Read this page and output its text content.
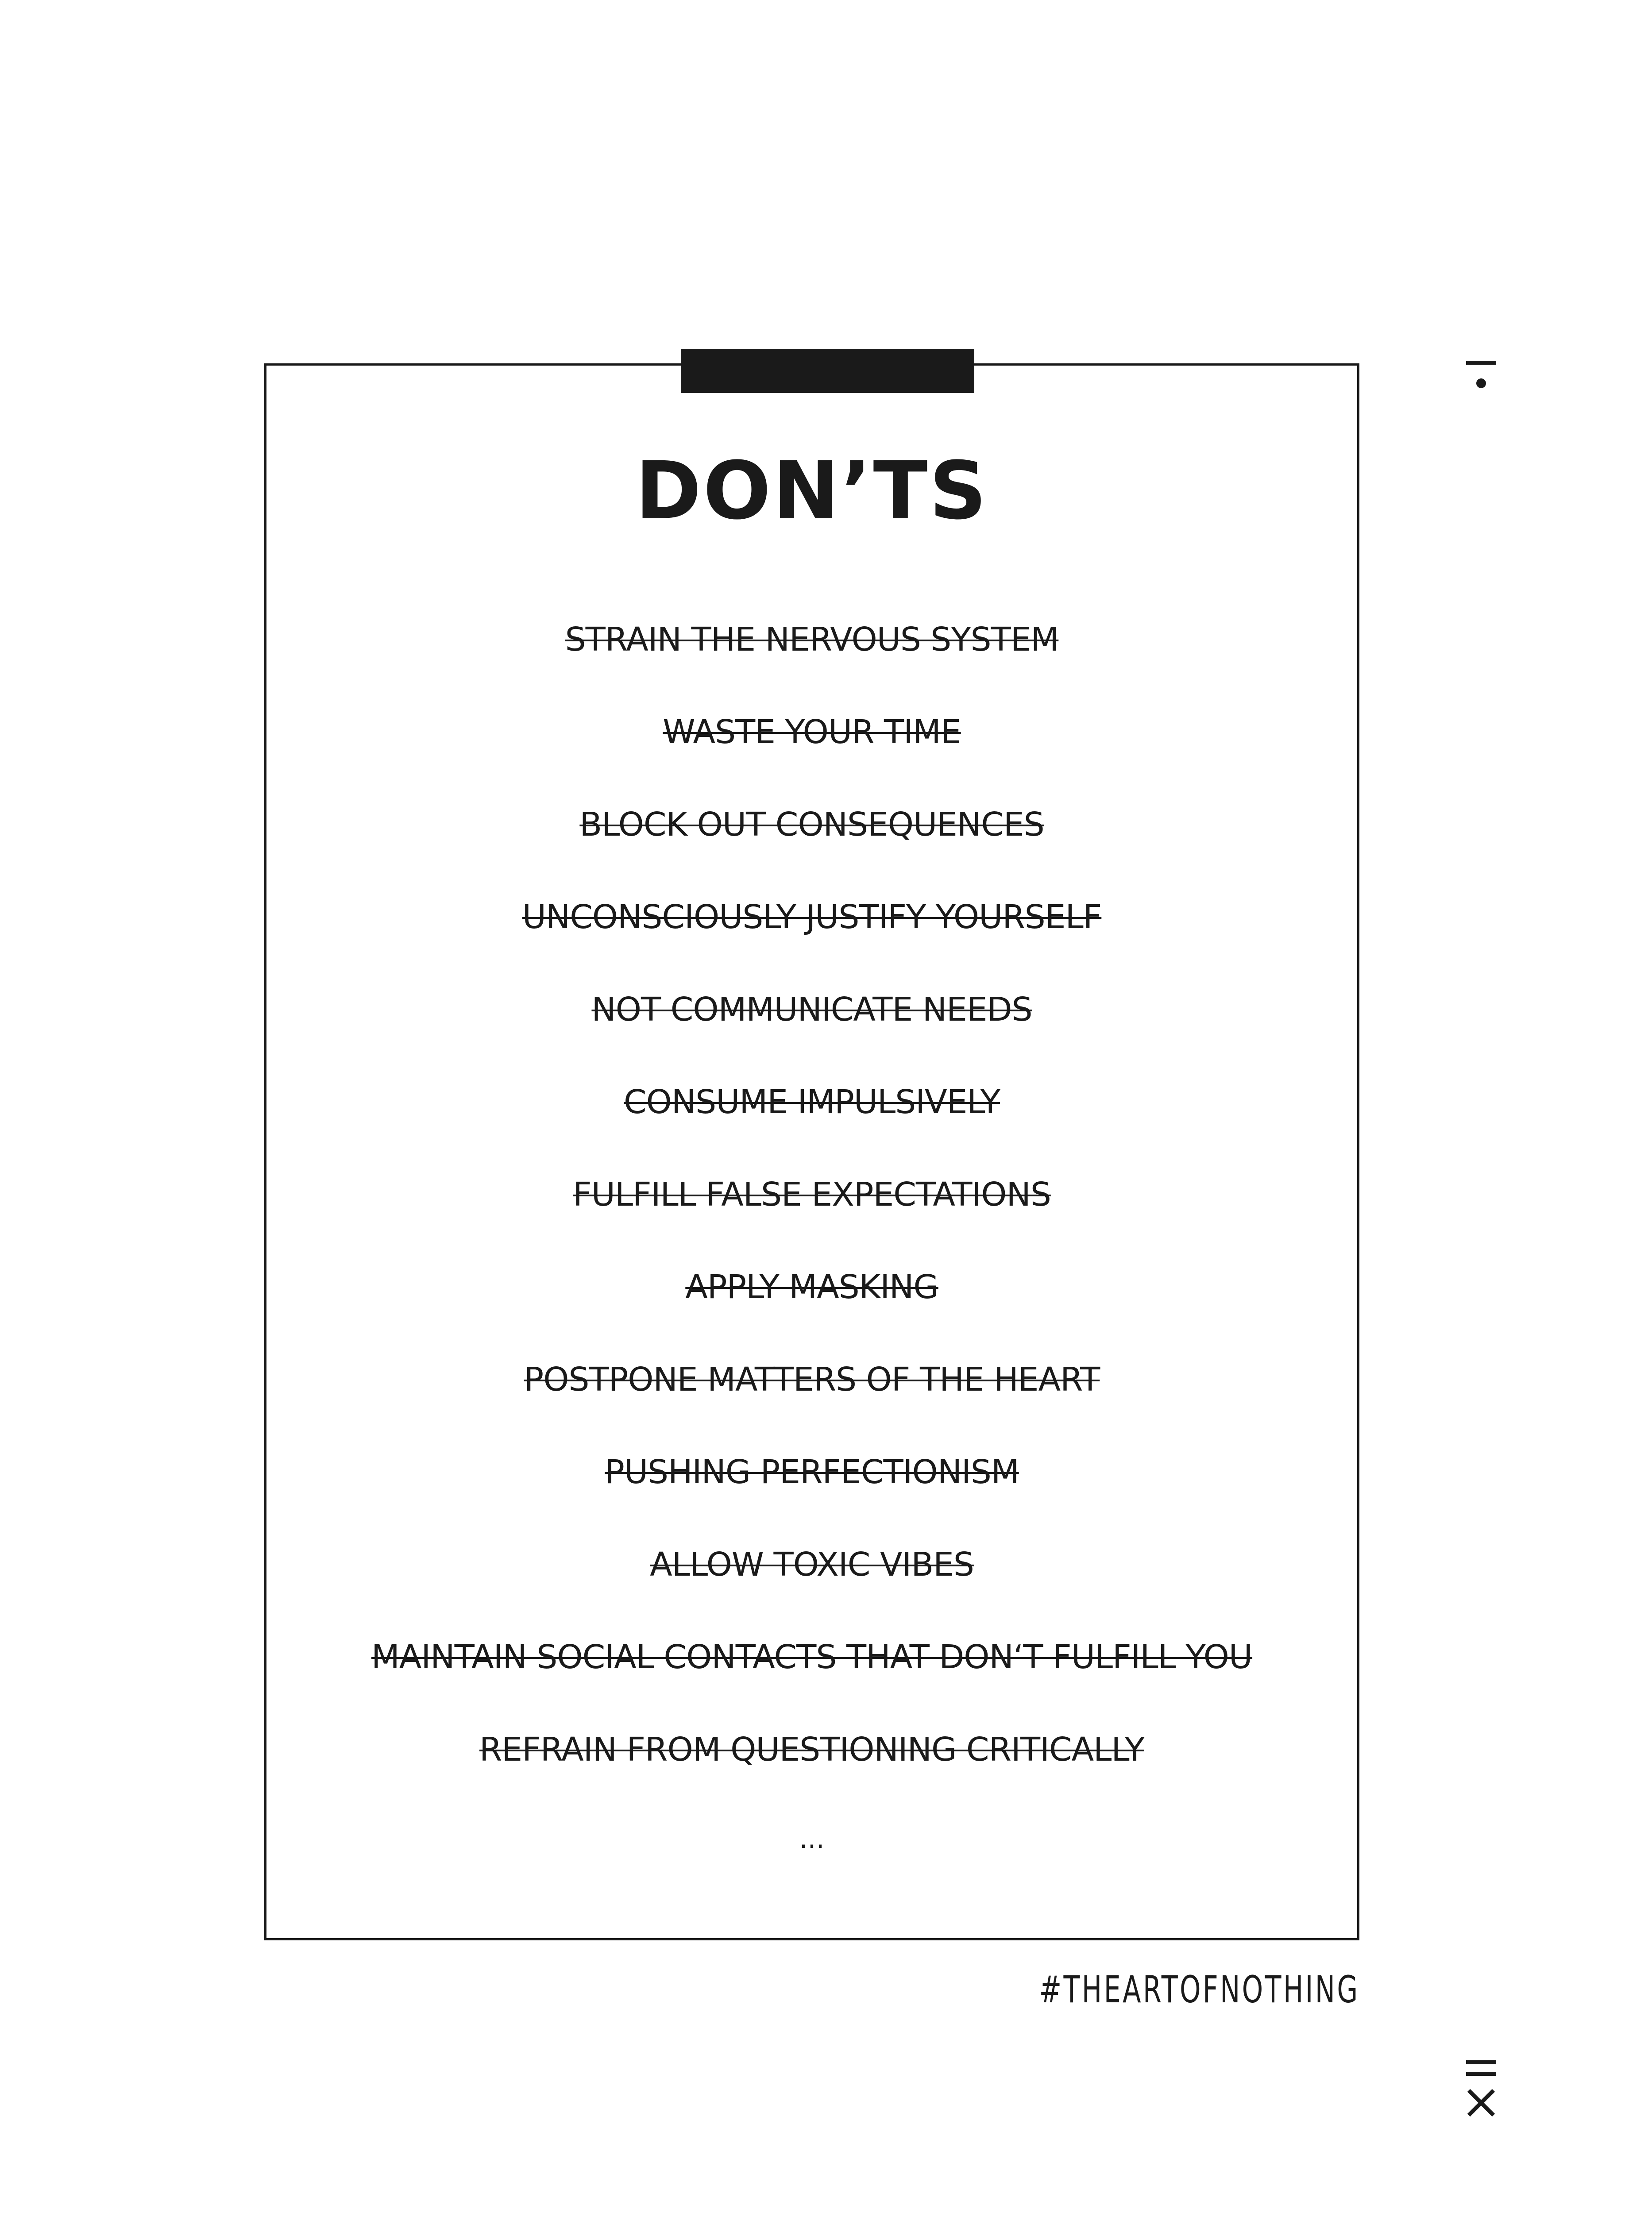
DON’TS
STRAIN THE NERVOUS SYSTEM
WASTE YOUR TIME
BLOCK OUT CONSEQUENCES
UNCONSCIOUSLY JUSTIFY YOURSELF
NOT COMMUNICATE NEEDS
CONSUME IMPULSIVELY
FULFILL FALSE EXPECTATIONS
APPLY MASKING
POSTPONE MATTERS OF THE HEART
PUSHING PERFECTIONISM
ALLOW TOXIC VIBES
MAINTAIN SOCIAL CONTACTS THAT DON‘T FULFILL YOU
REFRAIN FROM QUESTIONING CRITICALLY
...
#THEARTOFNOTHING
